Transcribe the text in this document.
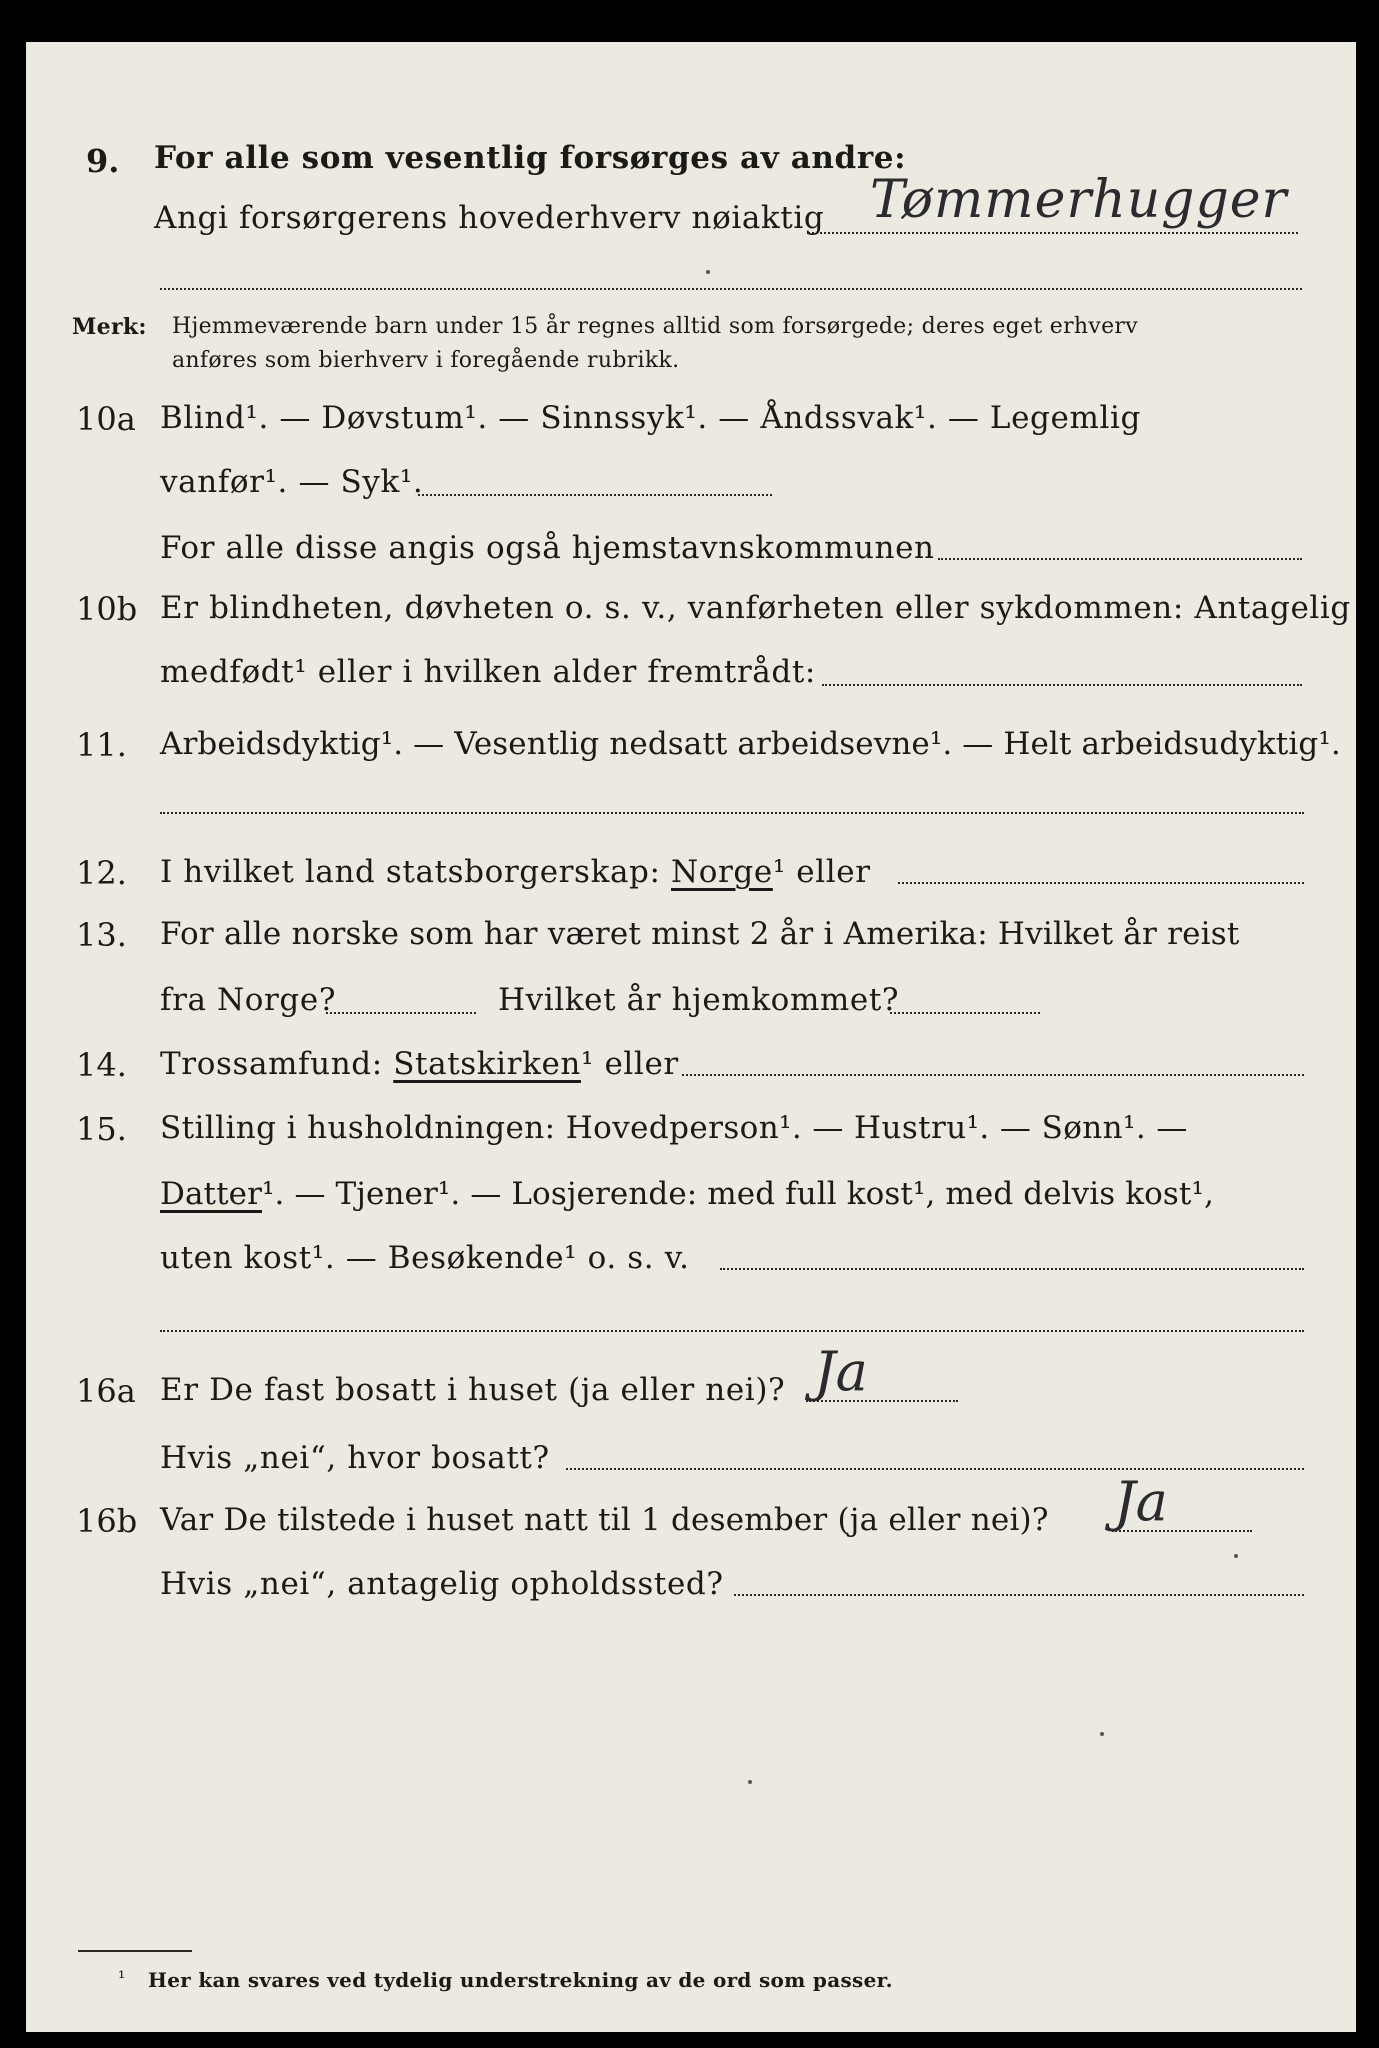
9. For alle som vesentlig forsørges av andre:
Angi forsørgerens hovederhverv nøiaktig Tømmerhugger
Merk: Hjemmeværende barn under 15 år regnes alltid som forsørgede; deres eget erhverv
anføres som bierhverv i foregående rubrikk.
10a Blind¹. — Døvstum¹. — Sinnssyk¹. — Åndssvak¹. — Legemlig
vanfør¹. — Syk¹.
For alle disse angis også hjemstavnskommunen
10b Er blindheten, døvheten o. s. v., vanførheten eller sykdommen: Antagelig
medfødt¹ eller i hvilken alder fremtrådt:
11. Arbeidsdyktig¹. — Vesentlig nedsatt arbeidsevne¹. — Helt arbeidsudyktig¹.
12. I hvilket land statsborgerskap: Norge¹ eller
13. For alle norske som har været minst 2 år i Amerika: Hvilket år reist
fra Norge?	Hvilket år hjemkommet?
14. Trossamfund: Statskirken¹ eller
15. Stilling i husholdningen: Hovedperson¹. — Hustru¹. — Sønn¹. —
Datter¹. — Tjener¹. — Losjerende: med full kost¹, med delvis kost¹,
uten kost¹. — Besøkende¹ o. s. v.
16a Er De fast bosatt i huset (ja eller nei)? Ja
Hvis „nei“, hvor bosatt?
16b Var De tilstede i huset natt til 1 desember (ja eller nei)? Ja
Hvis „nei“, antagelig opholdssted?
¹ Her kan svares ved tydelig understrekning av de ord som passer.
